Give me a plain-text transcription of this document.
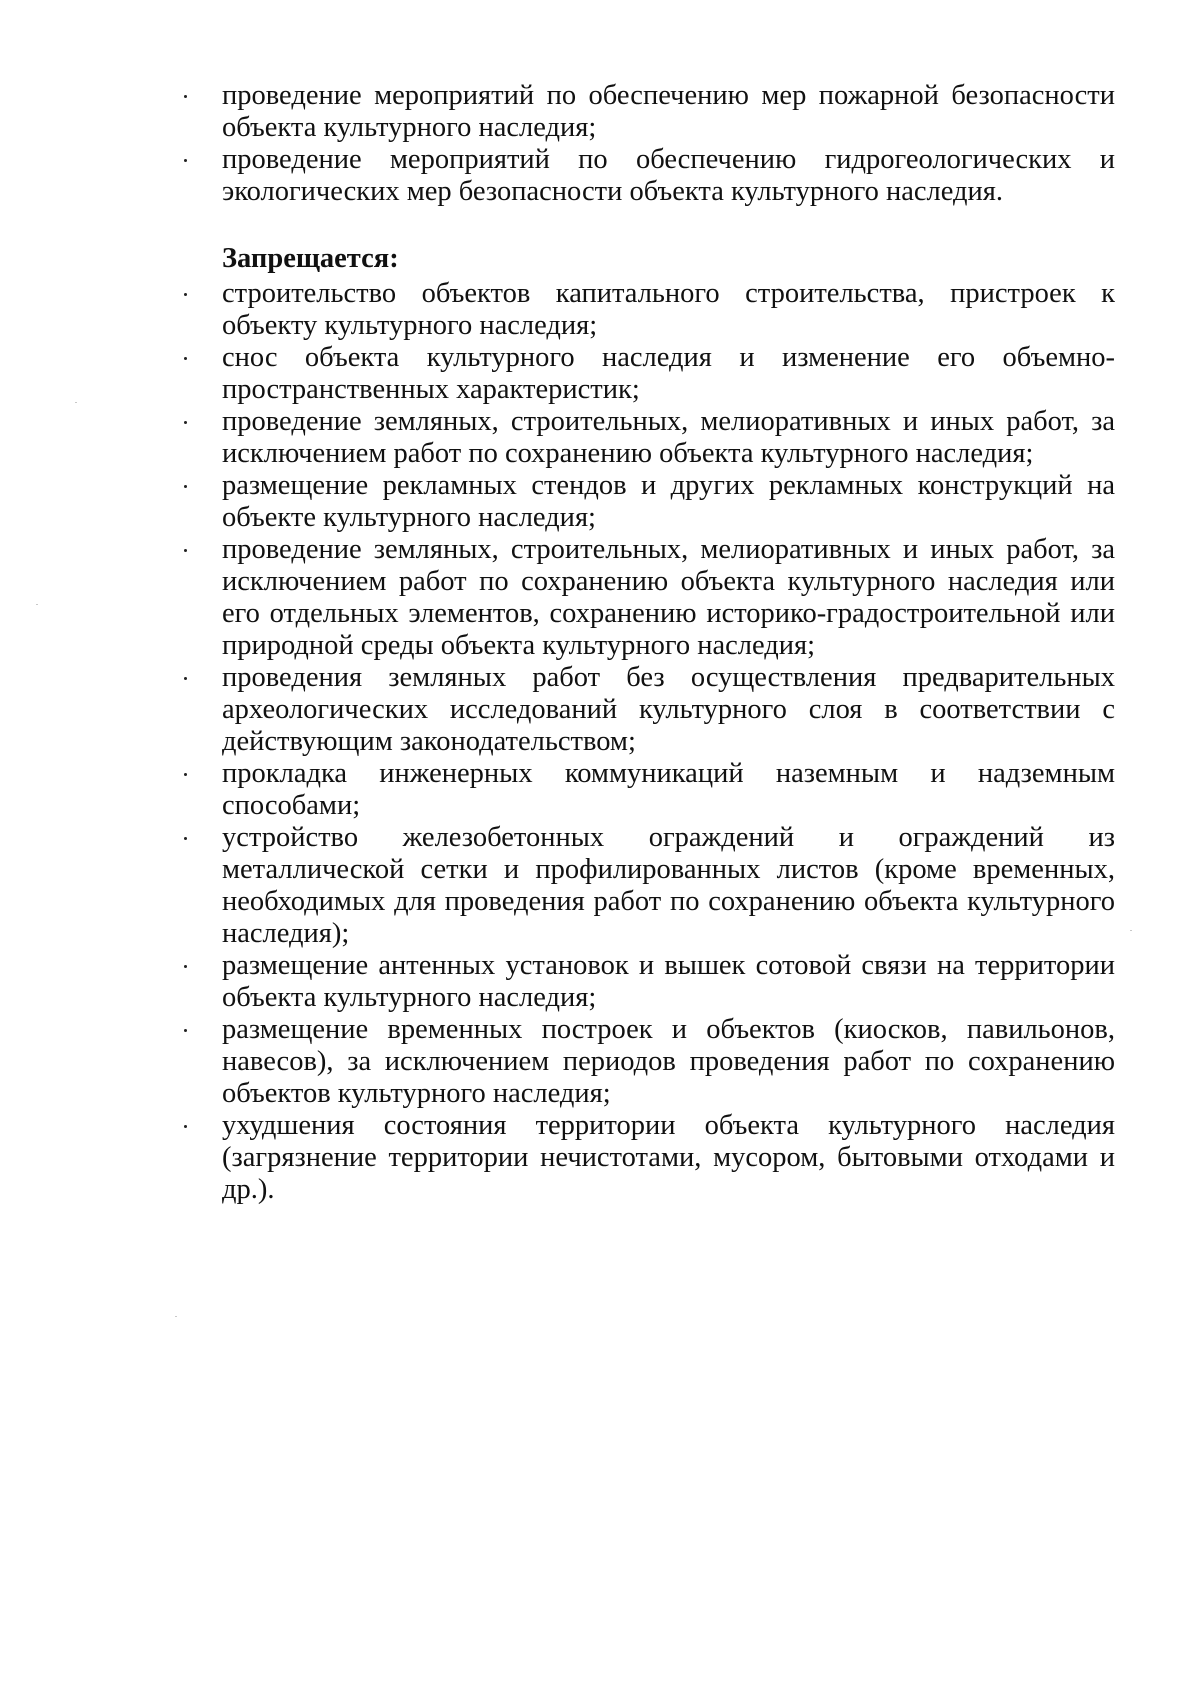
проведение мероприятий по обеспечению мер пожарной безопасности объекта культурного наследия;
проведение мероприятий по обеспечению гидрогеологических и экологических мер безопасности объекта культурного наследия.
Запрещается:
строительство объектов капитального строительства, пристроек к объекту культурного наследия;
снос объекта культурного наследия и изменение его объемно-пространственных характеристик;
проведение земляных, строительных, мелиоративных и иных работ, за исключением работ по сохранению объекта культурного наследия;
размещение рекламных стендов и других рекламных конструкций на объекте культурного наследия;
проведение земляных, строительных, мелиоративных и иных работ, за исключением работ по сохранению объекта культурного наследия или его отдельных элементов, сохранению историко-градостроительной или природной среды объекта культурного наследия;
проведения земляных работ без осуществления предварительных археологических исследований культурного слоя в соответствии с действующим законодательством;
прокладка инженерных коммуникаций наземным и надземным способами;
устройство железобетонных ограждений и ограждений из металлической сетки и профилированных листов (кроме временных, необходимых для проведения работ по сохранению объекта культурного наследия);
размещение антенных установок и вышек сотовой связи на территории объекта культурного наследия;
размещение временных построек и объектов (киосков, павильонов, навесов), за исключением периодов проведения работ по сохранению объектов культурного наследия;
ухудшения состояния территории объекта культурного наследия (загрязнение территории нечистотами, мусором, бытовыми отходами и др.).
